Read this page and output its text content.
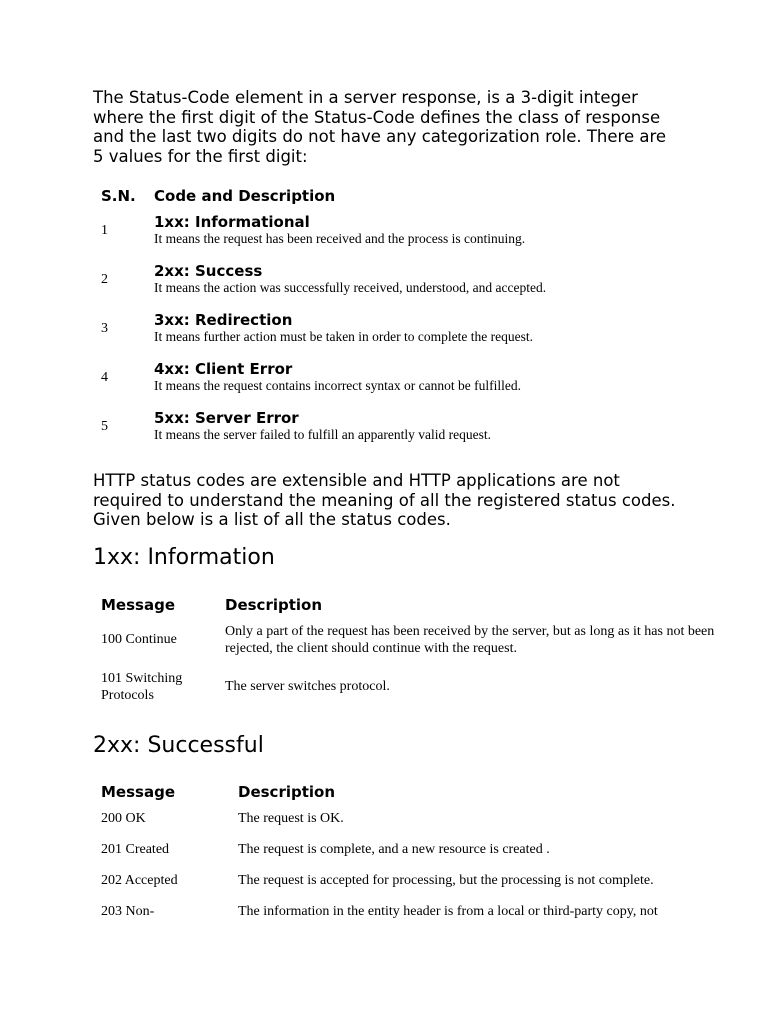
The Status-Code element in a server response, is a 3-digit integer where the first digit of the Status-Code defines the class of response and the last two digits do not have any categorization role. There are 5 values for the first digit:

S.N.	Code and Description
1	1xx: Informational
It means the request has been received and the process is continuing.

2	2xx: Success
It means the action was successfully received, understood, and accepted.

3	3xx: Redirection
It means further action must be taken in order to complete the request.

4	4xx: Client Error
It means the request contains incorrect syntax or cannot be fulfilled.

5	5xx: Server Error
It means the server failed to fulfill an apparently valid request.

HTTP status codes are extensible and HTTP applications are not required to understand the meaning of all the registered status codes. Given below is a list of all the status codes.

1xx: Information
Message	Description
100 Continue	Only a part of the request has been received by the server, but as long as it has not been rejected, the client should continue with the request.
101 Switching Protocols	The server switches protocol.
2xx: Successful
Message	Description
200 OK	The request is OK.
201 Created	The request is complete, and a new resource is created .
202 Accepted	The request is accepted for processing, but the processing is not complete.
203 Non-	The information in the entity header is from a local or third-party copy, not
